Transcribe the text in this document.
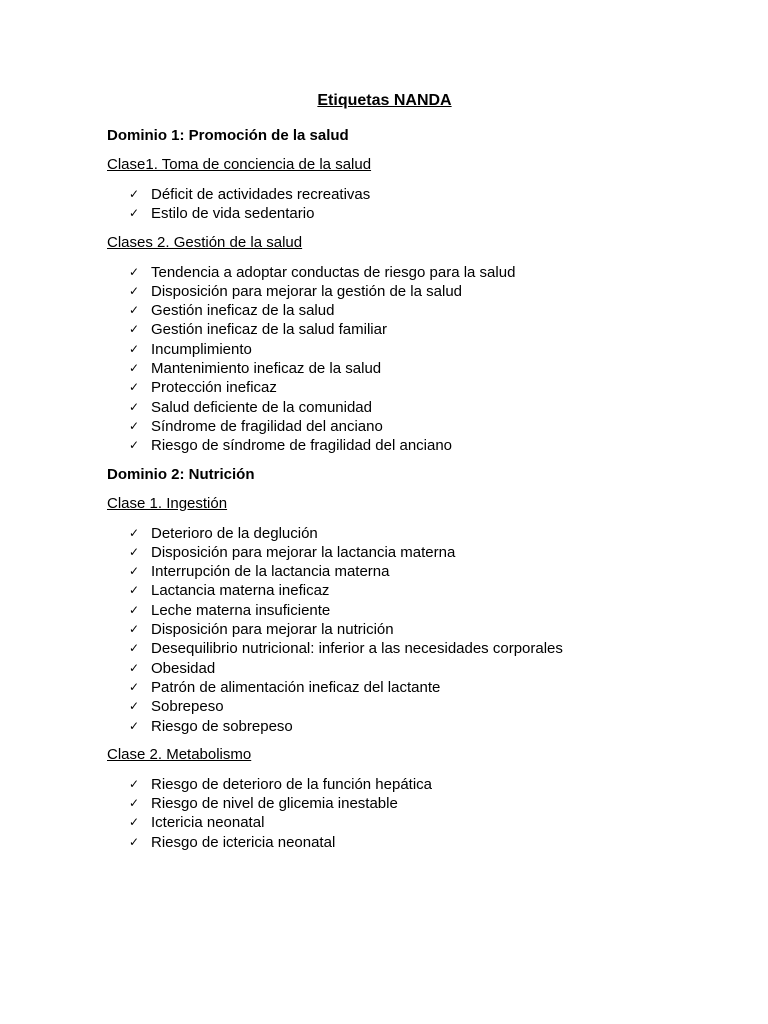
Etiquetas NANDA
Dominio 1: Promoción de la salud
Clase1. Toma de conciencia de la salud
✓ Déficit de actividades recreativas
✓ Estilo de vida sedentario
Clases 2. Gestión de la salud
✓ Tendencia a adoptar conductas de riesgo para la salud
✓ Disposición para mejorar la gestión de la salud
✓ Gestión ineficaz de la salud
✓ Gestión ineficaz de la salud familiar
✓ Incumplimiento
✓ Mantenimiento ineficaz de la salud
✓ Protección ineficaz
✓ Salud deficiente de la comunidad
✓ Síndrome de fragilidad del anciano
✓ Riesgo de síndrome de fragilidad del anciano
Dominio 2: Nutrición
Clase 1. Ingestión
✓ Deterioro de la deglución
✓ Disposición para mejorar la lactancia materna
✓ Interrupción de la lactancia materna
✓ Lactancia materna ineficaz
✓ Leche materna insuficiente
✓ Disposición para mejorar la nutrición
✓ Desequilibrio nutricional: inferior a las necesidades corporales
✓ Obesidad
✓ Patrón de alimentación ineficaz del lactante
✓ Sobrepeso
✓ Riesgo de sobrepeso
Clase 2. Metabolismo
✓ Riesgo de deterioro de la función hepática
✓ Riesgo de nivel de glicemia inestable
✓ Ictericia neonatal
✓ Riesgo de ictericia neonatal
